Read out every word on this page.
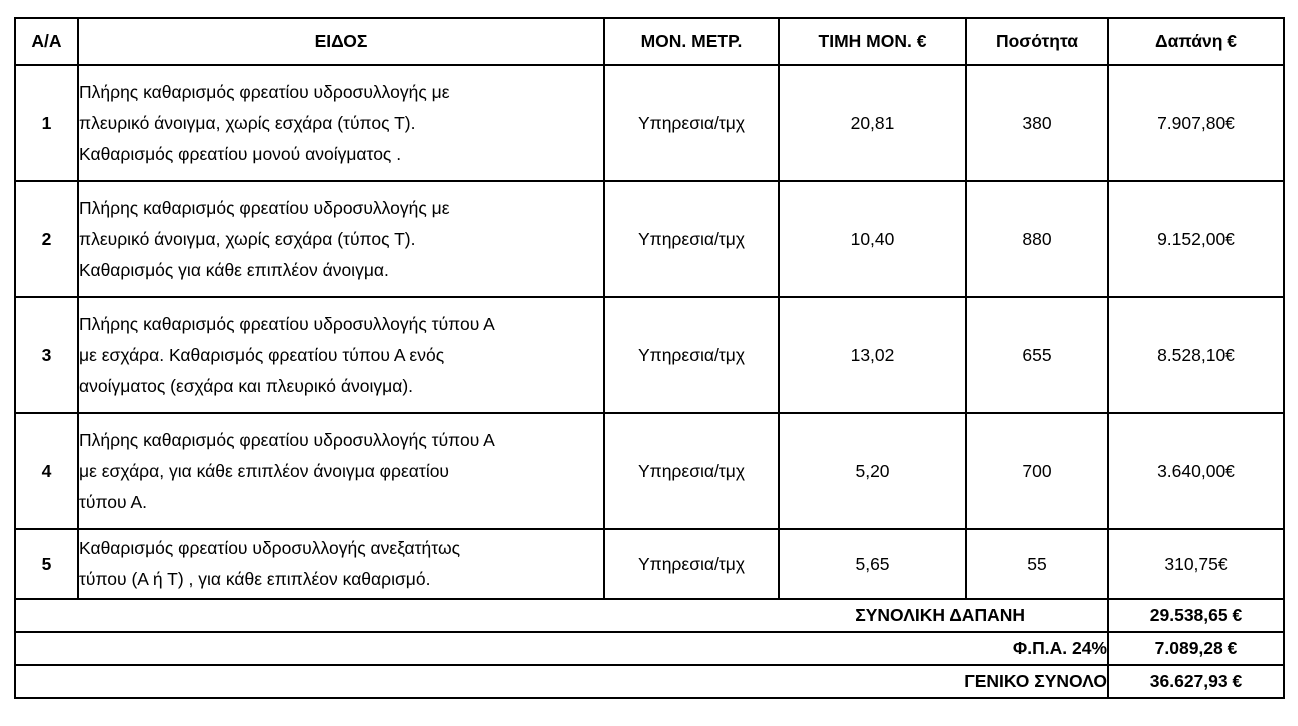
Α/Α	ΕΙΔΟΣ	ΜΟΝ. ΜΕΤΡ.	ΤΙΜΗ ΜΟΝ. €	Ποσότητα	Δαπάνη €
1	Πλήρης καθαρισμός φρεατίου υδροσυλλογής με
πλευρικό άνοιγμα, χωρίς εσχάρα (τύπος Τ).
Καθαρισμός φρεατίου μονού ανοίγματος .	Υπηρεσια/τμχ	20,81	380	7.907,80€
2	Πλήρης καθαρισμός φρεατίου υδροσυλλογής με
πλευρικό άνοιγμα, χωρίς εσχάρα (τύπος Τ).
Καθαρισμός για κάθε επιπλέον άνοιγμα.	Υπηρεσια/τμχ	10,40	880	9.152,00€
3	Πλήρης καθαρισμός φρεατίου υδροσυλλογής τύπου Α
με εσχάρα. Καθαρισμός φρεατίου τύπου Α ενός
ανοίγματος (εσχάρα και πλευρικό άνοιγμα).	Υπηρεσια/τμχ	13,02	655	8.528,10€
4	Πλήρης καθαρισμός φρεατίου υδροσυλλογής τύπου Α
με εσχάρα, για κάθε επιπλέον άνοιγμα φρεατίου
τύπου Α.	Υπηρεσια/τμχ	5,20	700	3.640,00€
5	Καθαρισμός φρεατίου υδροσυλλογής ανεξατήτως
τύπου (Α ή Τ) , για κάθε επιπλέον καθαρισμό.	Υπηρεσια/τμχ	5,65	55	310,75€
ΣΥΝΟΛΙΚΗ ΔΑΠΑΝΗ					29.538,65 €
Φ.Π.Α. 24%					7.089,28 €
ΓΕΝΙΚΟ ΣΥΝΟΛΟ					36.627,93 €
